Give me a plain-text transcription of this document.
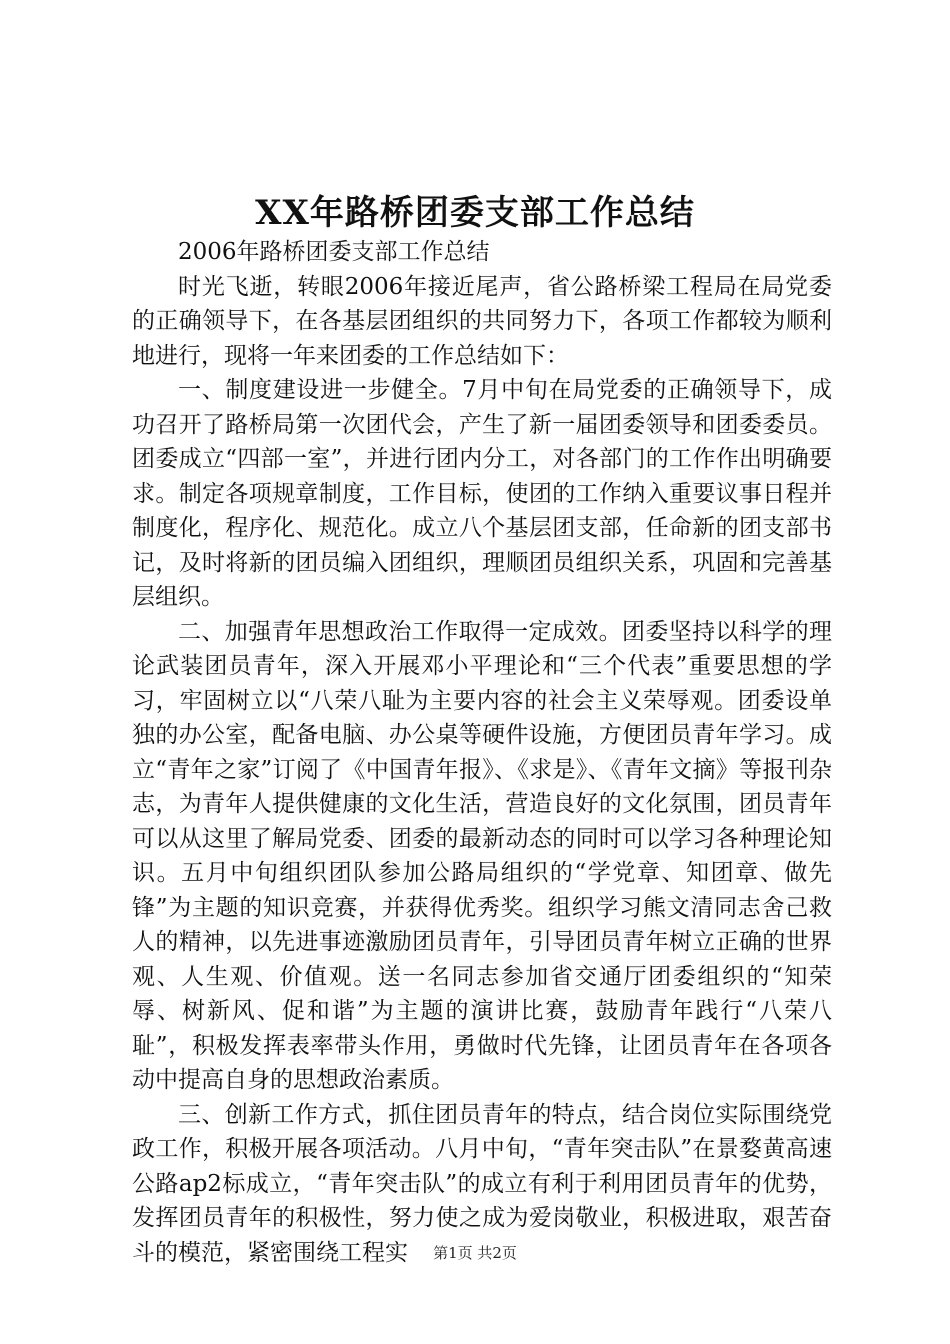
XX年路桥团委支部工作总结

2006年路桥团委支部工作总结

时光飞逝，转眼2006年接近尾声，省公路桥梁工程局在局党委的正确领导下，在各基层团组织的共同努力下，各项工作都较为顺利地进行，现将一年来团委的工作总结如下：

一、制度建设进一步健全。7月中旬在局党委的正确领导下，成功召开了路桥局第一次团代会，产生了新一届团委领导和团委委员。团委成立“四部一室”，并进行团内分工，对各部门的工作作出明确要求。制定各项规章制度，工作目标，使团的工作纳入重要议事日程并制度化，程序化、规范化。成立八个基层团支部，任命新的团支部书记，及时将新的团员编入团组织，理顺团员组织关系，巩固和完善基层组织。

二、加强青年思想政治工作取得一定成效。团委坚持以科学的理论武装团员青年，深入开展邓小平理论和“三个代表”重要思想的学习，牢固树立以“八荣八耻为主要内容的社会主义荣辱观。团委设单独的办公室，配备电脑、办公桌等硬件设施，方便团员青年学习。成立“青年之家”订阅了《中国青年报》、《求是》、《青年文摘》等报刊杂志，为青年人提供健康的文化生活，营造良好的文化氛围，团员青年可以从这里了解局党委、团委的最新动态的同时可以学习各种理论知识。五月中旬组织团队参加公路局组织的“学党章、知团章、做先锋”为主题的知识竞赛，并获得优秀奖。组织学习熊文清同志舍己救人的精神，以先进事迹激励团员青年，引导团员青年树立正确的世界观、人生观、价值观。送一名同志参加省交通厅团委组织的“知荣辱、树新风、促和谐”为主题的演讲比赛，鼓励青年践行“八荣八耻”，积极发挥表率带头作用，勇做时代先锋，让团员青年在各项各动中提高自身的思想政治素质。

三、创新工作方式，抓住团员青年的特点，结合岗位实际围绕党政工作，积极开展各项活动。八月中旬，“青年突击队”在景婺黄高速公路ap2标成立，“青年突击队”的成立有利于利用团员青年的优势，发挥团员青年的积极性，努力使之成为爱岗敬业，积极进取，艰苦奋斗的模范，紧密围绕工程实	第1页 共2页
